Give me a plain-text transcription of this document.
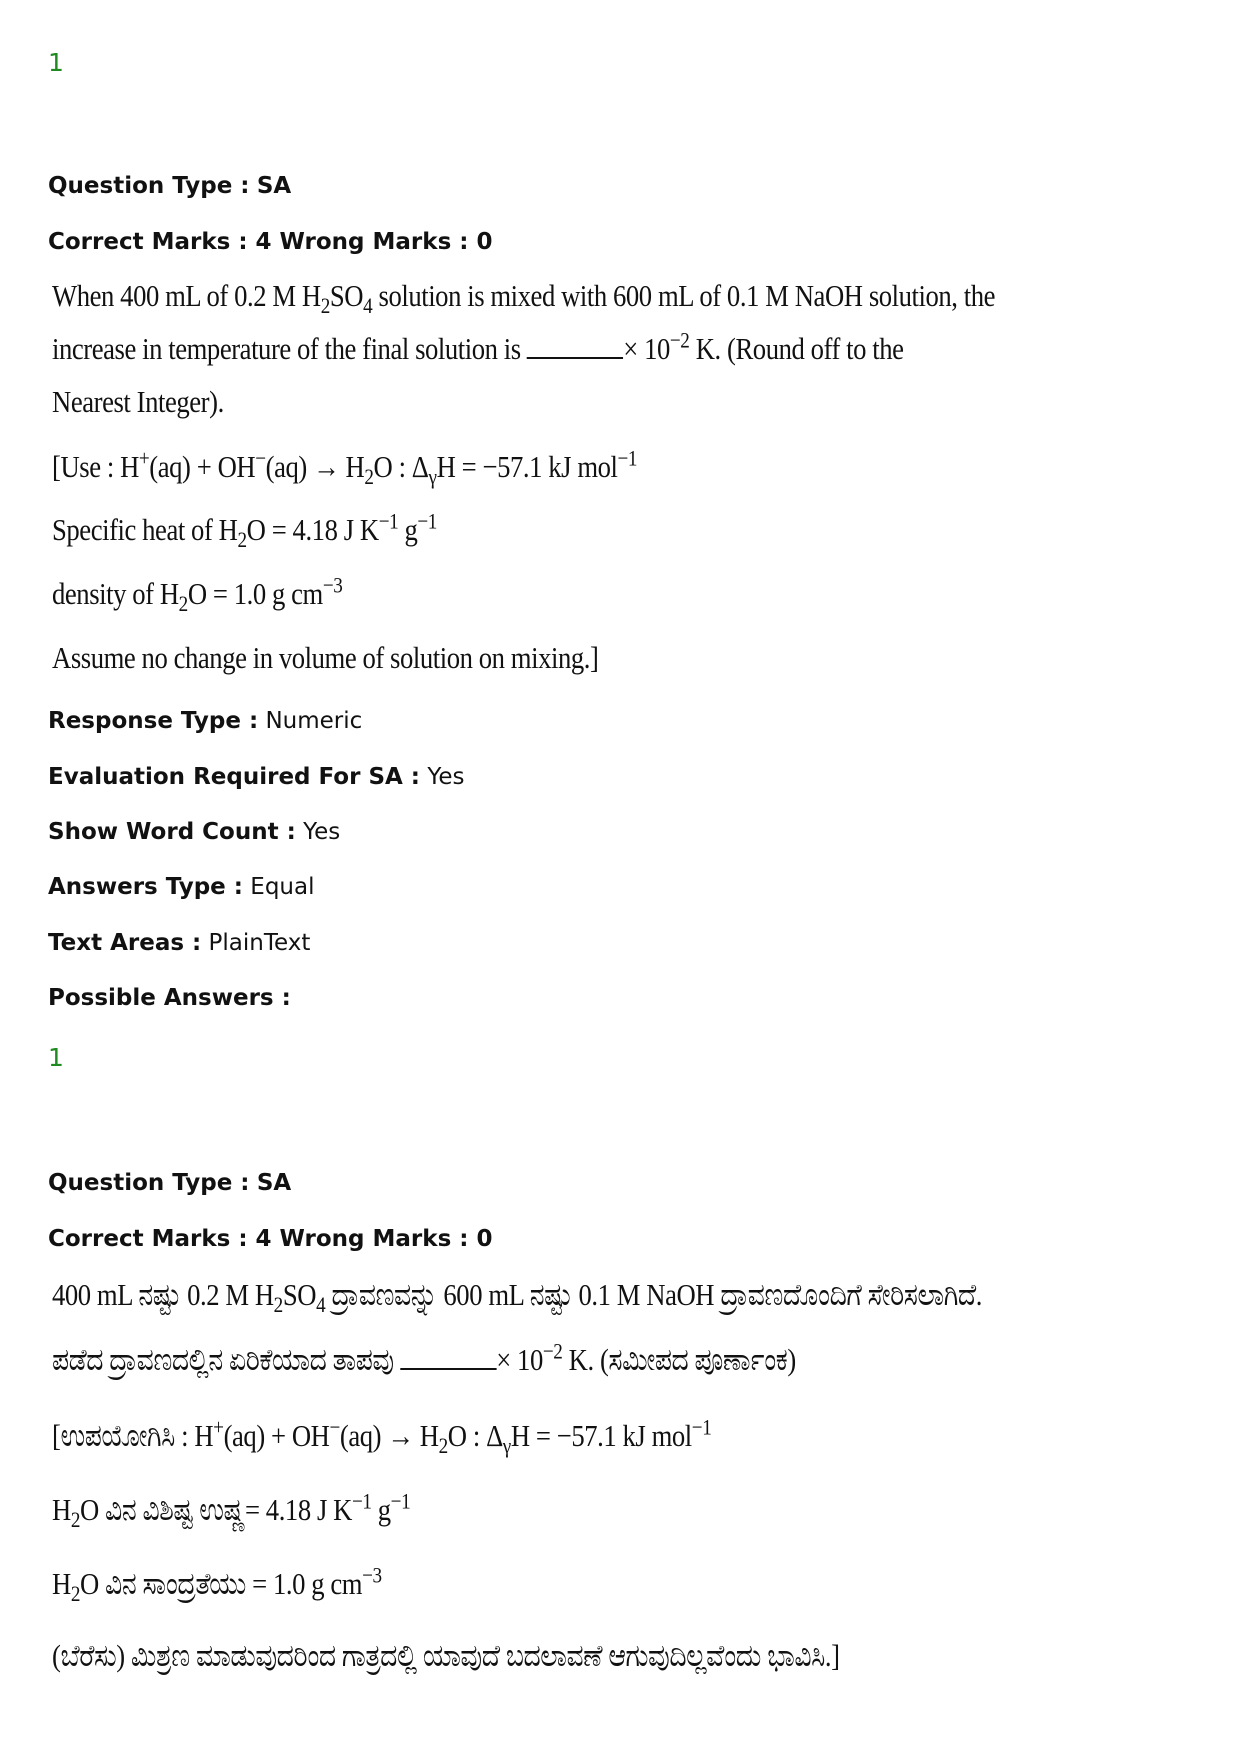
1
Question Type : SA
Correct Marks : 4 Wrong Marks : 0
When 400 mL of 0.2 M $H_2SO_4$ solution is mixed with 600 mL of 0.1 M NaOH solution, the
increase in temperature of the final solution is	× $10^{-2}$ K. (Round off to the
Nearest Integer).
[Use : $H^+(aq) + OH^-(aq) \to H_2O$ : $\Delta_\gamma H = -57.1$ kJ mol$^{-1}$
Specific heat of $H_2O = 4.18$ J $K^{-1}$ $g^{-1}$
density of $H_2O = 1.0$ g $cm^{-3}$
Assume no change in volume of solution on mixing.]
Response Type : Numeric
Evaluation Required For SA : Yes
Show Word Count : Yes
Answers Type : Equal
Text Areas : PlainText
Possible Answers :
1
Question Type : SA
Correct Marks : 4 Wrong Marks : 0
400 mL ನಷ್ಟು 0.2 M $H_2SO_4$ ದ್ರಾವಣವನ್ನು 600 mL ನಷ್ಟು 0.1 M NaOH ದ್ರಾವಣದೊಂದಿಗೆ ಸೇರಿಸಲಾಗಿದೆ.
ಪಡೆದ ದ್ರಾವಣದಲ್ಲಿನ ಏರಿಕೆಯಾದ ತಾಪವು	× $10^{-2}$ K. (ಸಮೀಪದ ಪೂರ್ಣಾಂಕ)
[ಉಪಯೋಗಿಸಿ : $H^+(aq) + OH^-(aq) \to H_2O$ : $\Delta_\gamma H = -57.1$ kJ mol$^{-1}$
$H_2O$ ವಿನ ವಿಶಿಷ್ಟ ಉಷ್ಣ= 4.18 J $K^{-1}$ $g^{-1}$
$H_2O$ ವಿನ ಸಾಂದ್ರತೆಯು = 1.0 g $cm^{-3}$
(ಬೆರೆಸು) ಮಿಶ್ರಣ ಮಾಡುವುದರಿಂದ ಗಾತ್ರದಲ್ಲಿ ಯಾವುದೆ ಬದಲಾವಣೆ ಆಗುವುದಿಲ್ಲವೆಂದು ಭಾವಿಸಿ.]
